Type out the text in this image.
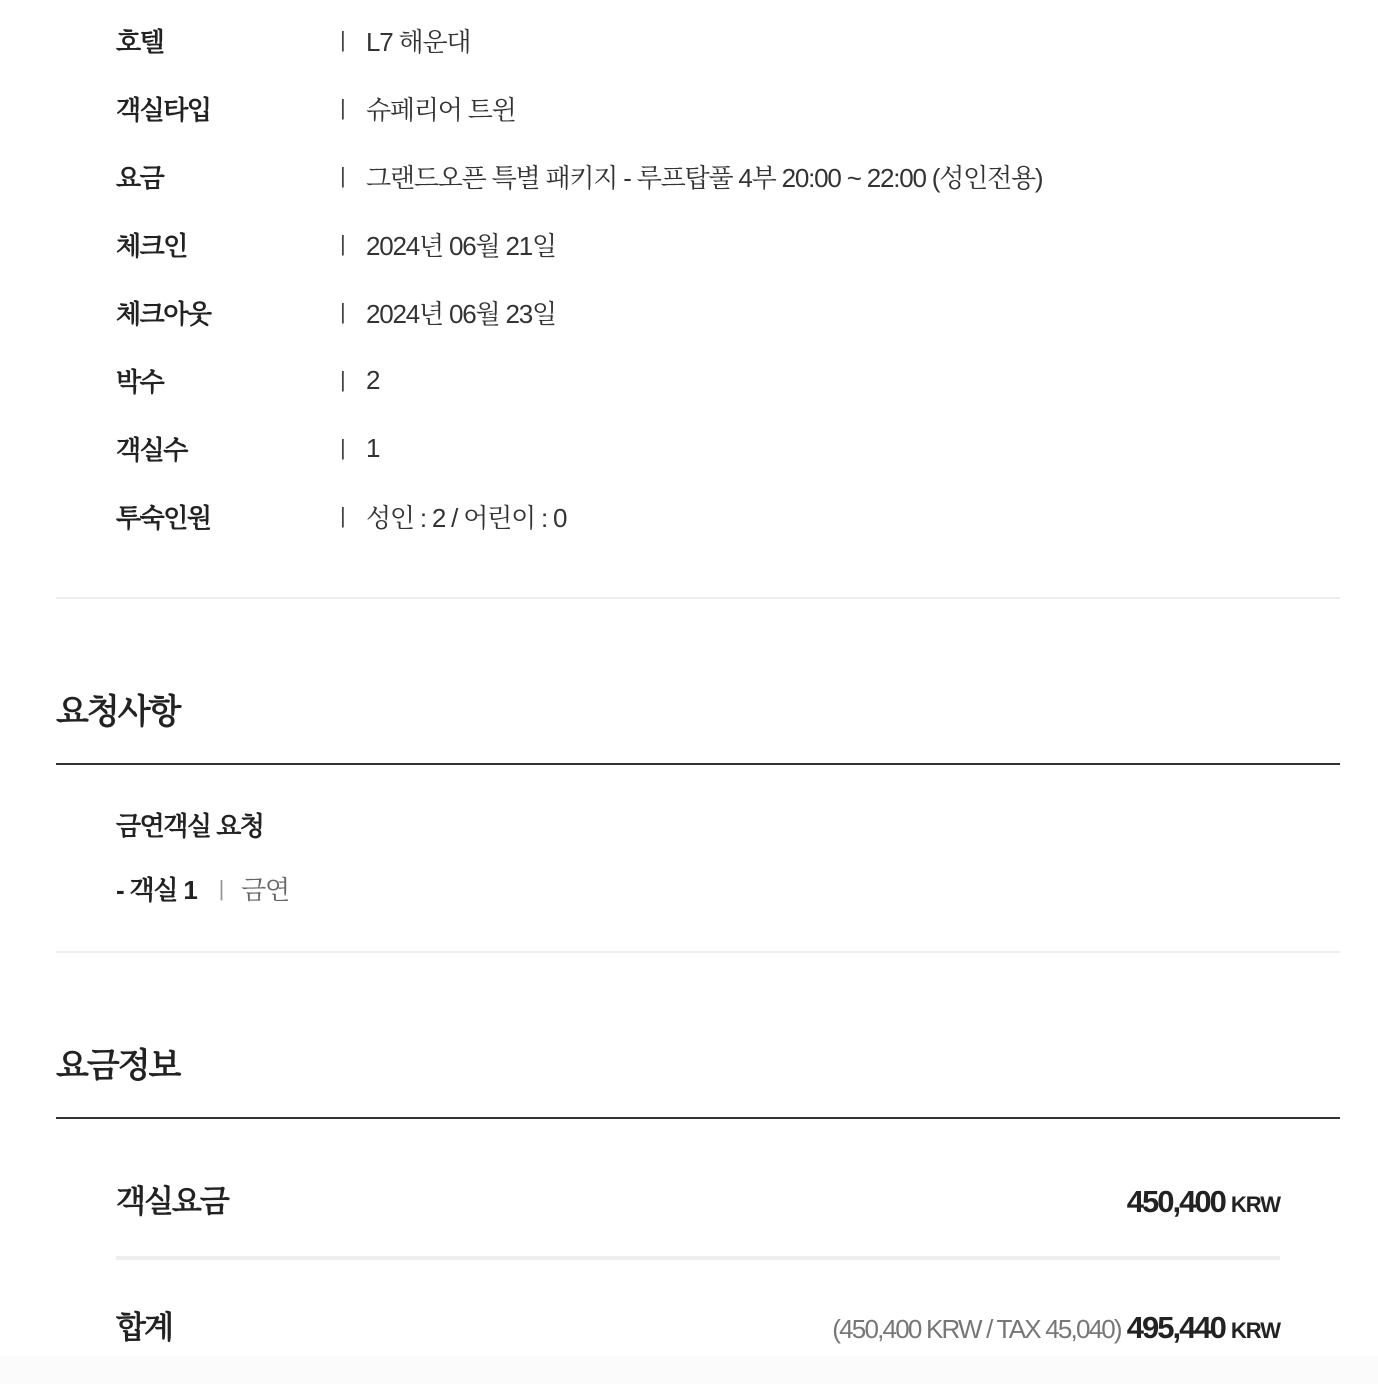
호텔	| L7 해운대
객실타입	| 슈페리어 트윈
요금	| 그랜드오픈 특별 패키지 - 루프탑풀 4부 20:00 ~ 22:00 (성인전용)
체크인	| 2024년 06월 21일
체크아웃	| 2024년 06월 23일
박수	| 2
객실수	| 1
투숙인원	| 성인 : 2 / 어린이 : 0
요청사항
금연객실 요청
- 객실 1 | 금연
요금정보
객실요금	450,400 KRW
합계	(450,400 KRW / TAX 45,040) 495,440 KRW
